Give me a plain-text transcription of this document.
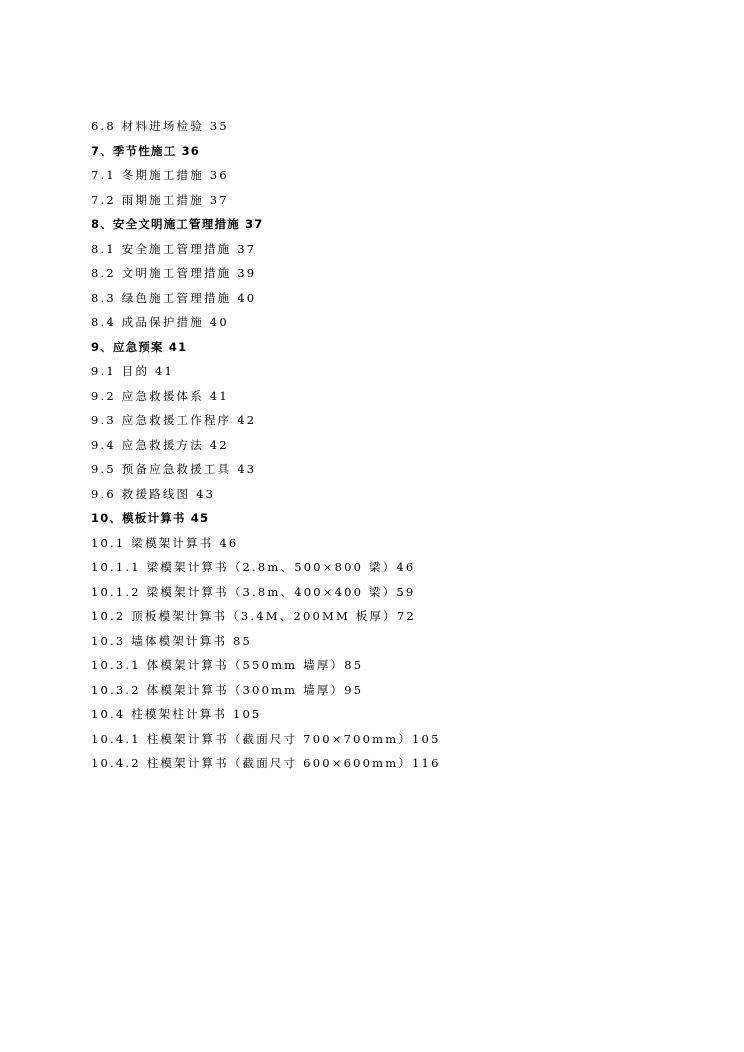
6.8 材料进场检验 35
7、季节性施工 36
7.1 冬期施工措施 36
7.2 雨期施工措施 37
8、安全文明施工管理措施 37
8.1 安全施工管理措施 37
8.2 文明施工管理措施 39
8.3 绿色施工管理措施 40
8.4 成品保护措施 40
9、应急预案 41
9.1 目的 41
9.2 应急救援体系 41
9.3 应急救援工作程序 42
9.4 应急救援方法 42
9.5 预备应急救援工具 43
9.6 救援路线图 43
10、模板计算书 45
10.1 梁模架计算书 46
10.1.1 梁模架计算书（2.8m、500×800 梁）46
10.1.2 梁模架计算书（3.8m、400×400 梁）59
10.2 顶板模架计算书（3.4M、200MM 板厚）72
10.3 墙体模架计算书 85
10.3.1 体模架计算书（550mm 墙厚）85
10.3.2 体模架计算书（300mm 墙厚）95
10.4 柱模架柱计算书 105
10.4.1 柱模架计算书（截面尺寸 700×700mm）105
10.4.2 柱模架计算书（截面尺寸 600×600mm）116
